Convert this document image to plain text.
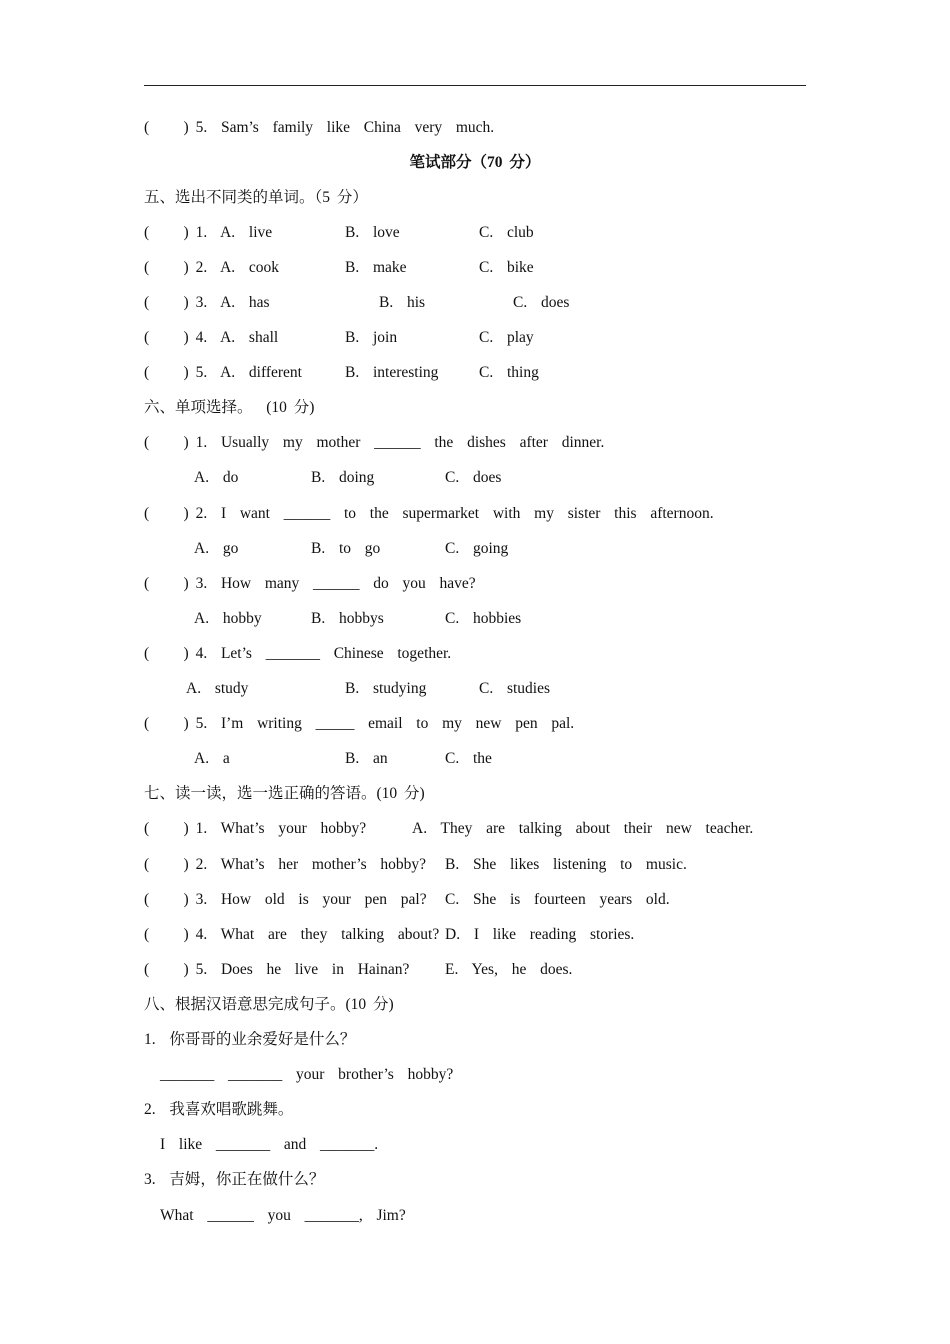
(     ) 5.  Sam’s  family  like  China  very  much.
笔试部分（70 分）
五、选出不同类的单词。（5 分）
(     ) 1.  A.  live	B.  love	C.  club
(     ) 2.  A.  cook	B.  make	C.  bike
(     ) 3.  A.  has	B.  his	C.  does
(     ) 4.  A.  shall	B.  join	C.  play
(     ) 5.  A.  different	B.  interesting	C.  thing
六、单项选择。  (10 分)
(     ) 1.  Usually  my  mother  ______  the  dishes  after  dinner.
A.  do	B.  doing	C.  does
(     ) 2.  I  want  ______  to  the  supermarket  with  my  sister  this  afternoon.
A.  go	B.  to  go	C.  going
(     ) 3.  How  many  ______  do  you  have?
A.  hobby	B.  hobbys	C.  hobbies
(     ) 4.  Let’s  _______  Chinese  together.
A.  study	B.  studying	C.  studies
(     ) 5.  I’m  writing  _____  email  to  my  new  pen  pal.
A.  a	B.  an	C.  the
七、读一读，选一选正确的答语。(10 分)
(     ) 1.  What’s  your  hobby?	A.  They  are  talking  about  their  new  teacher.
(     ) 2.  What’s  her  mother’s  hobby? B.  She  likes  listening  to  music.
(     ) 3.  How  old  is  your  pen  pal? C.  She  is  fourteen  years  old.
(     ) 4.  What  are  they  talking  about? D.  I  like  reading  stories.
(     ) 5.  Does  he  live  in  Hainan? E.  Yes,  he  does.
八、根据汉语意思完成句子。(10 分)
1.  你哥哥的业余爱好是什么？
_______  _______  your  brother’s  hobby?
2.  我喜欢唱歌跳舞。
I  like  _______  and  _______.
3.  吉姆，你正在做什么？
What  ______  you  _______,  Jim?
